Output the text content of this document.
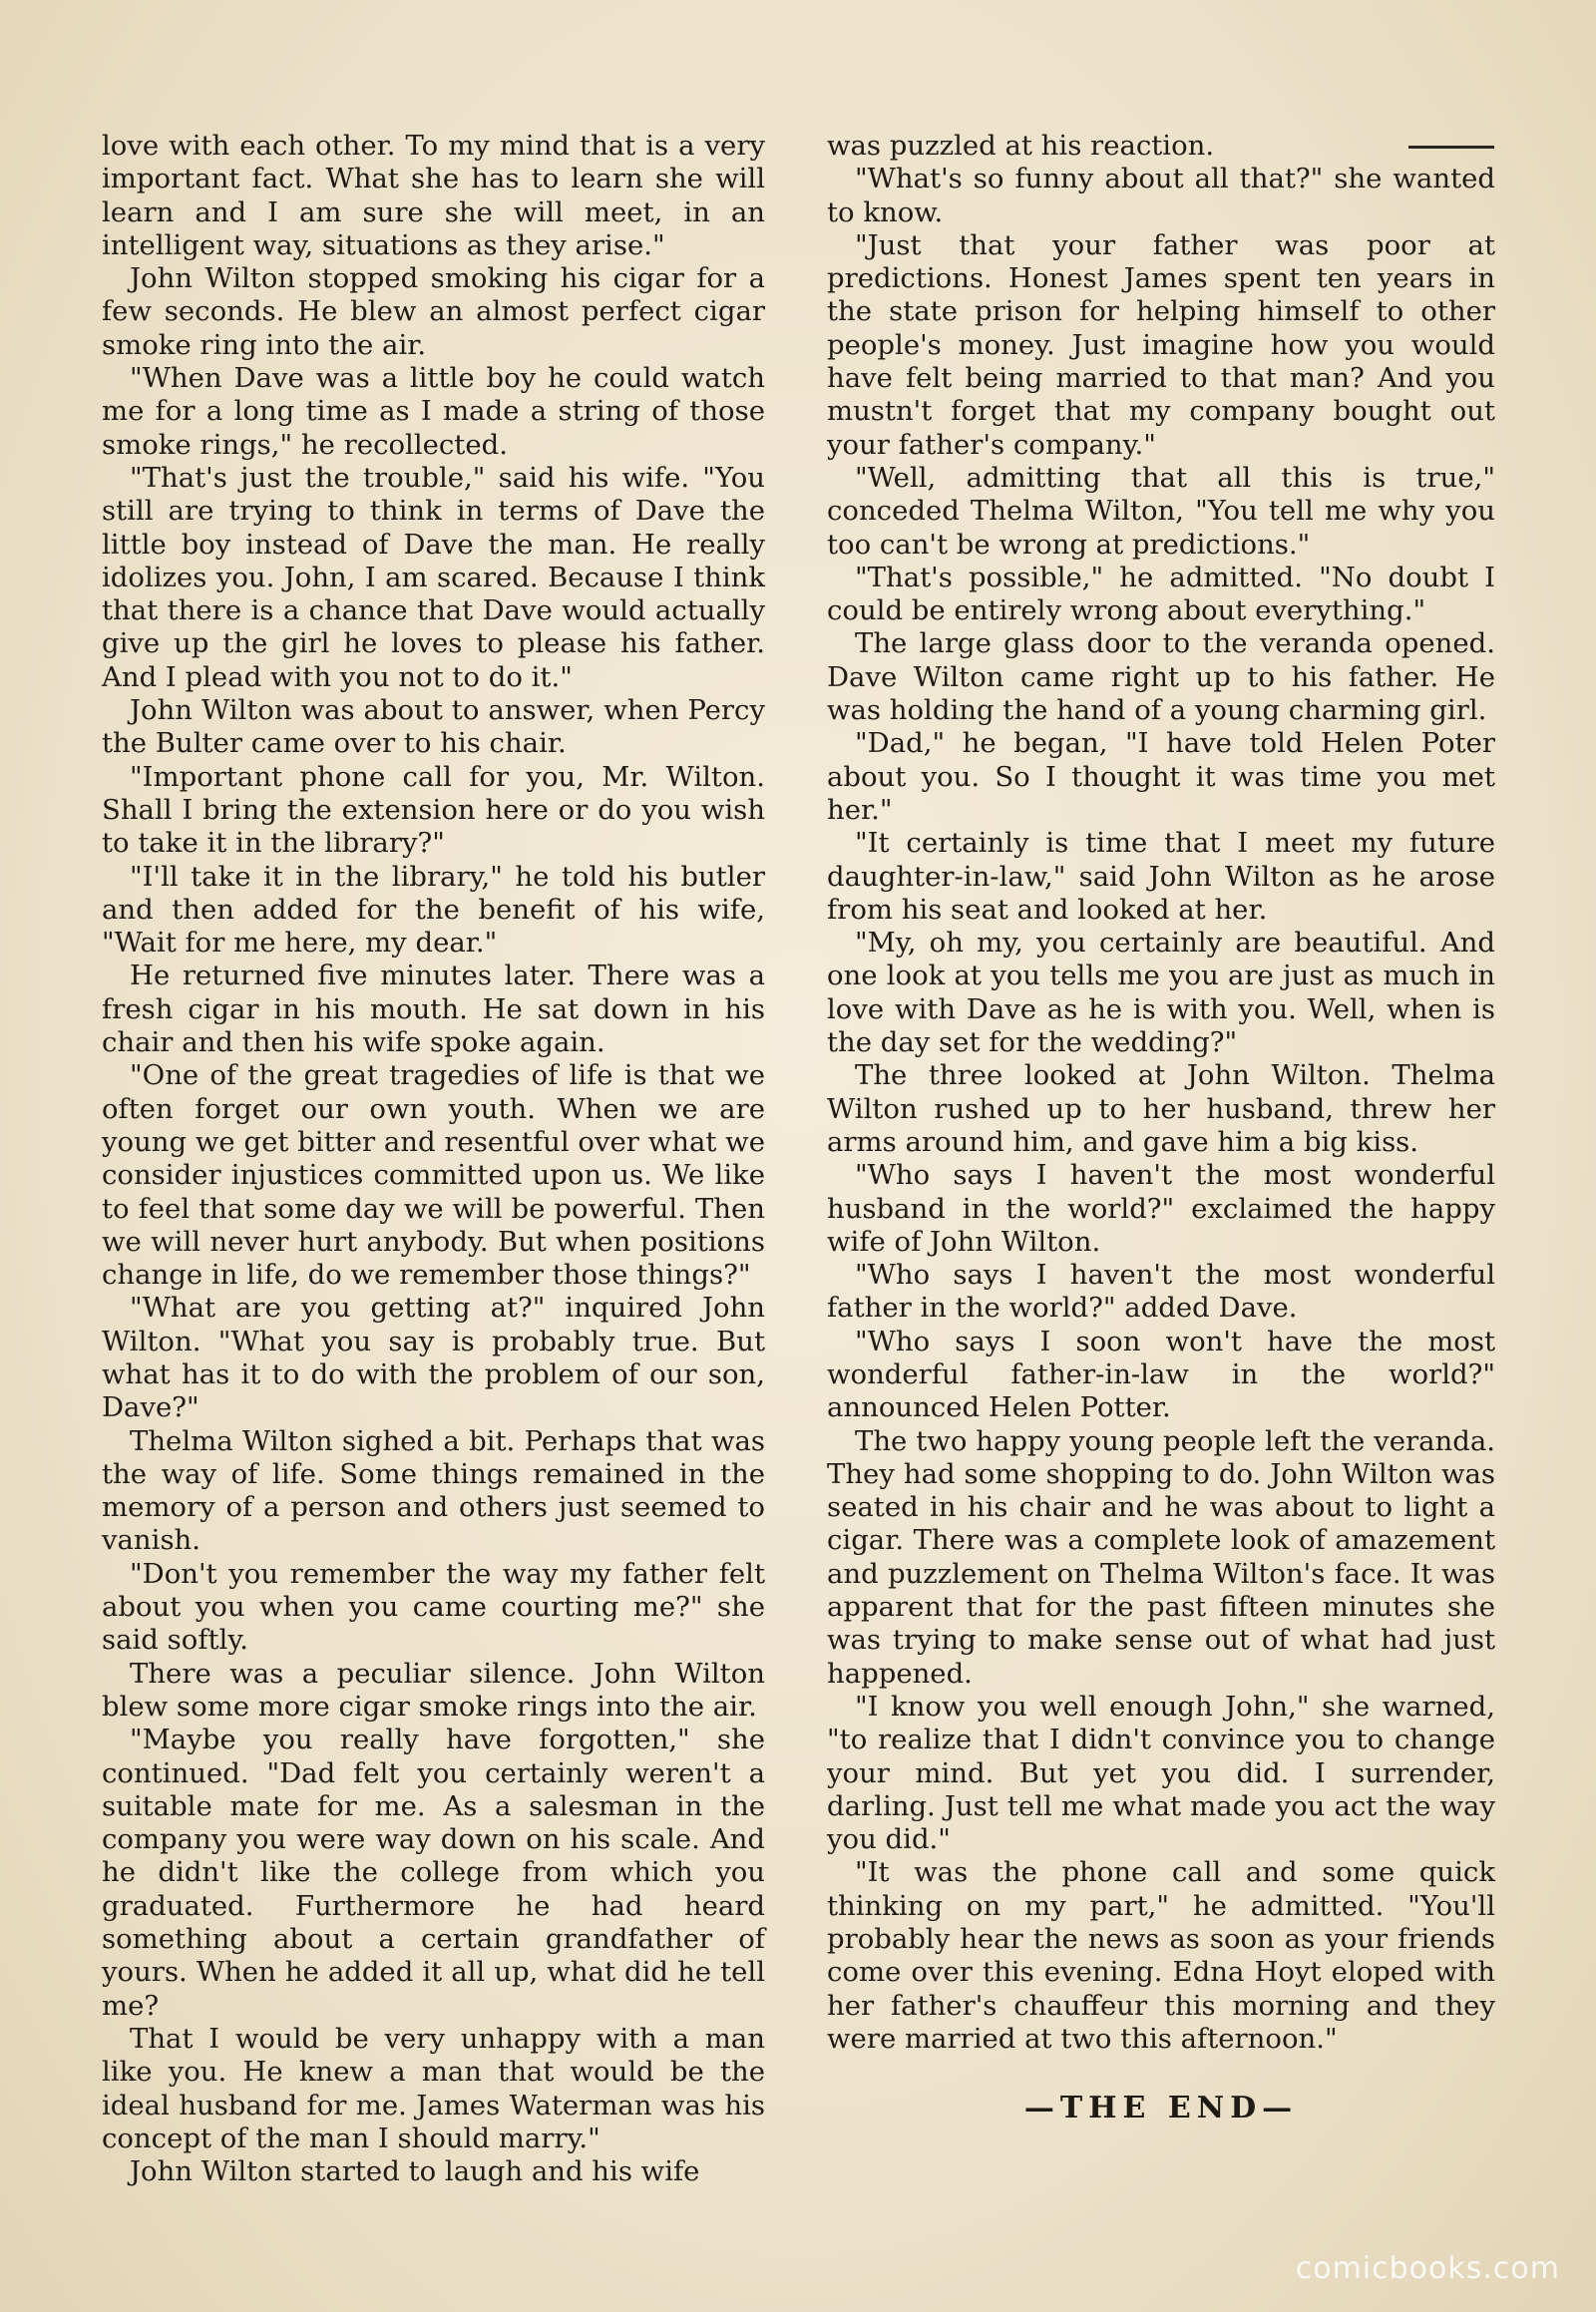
love with each other. To my mind that is a very important fact. What she has to learn she will learn and I am sure she will meet, in an intelligent way, situations as they arise."

John Wilton stopped smoking his cigar for a few seconds. He blew an almost perfect cigar smoke ring into the air.

"When Dave was a little boy he could watch me for a long time as I made a string of those smoke rings," he recollected.

"That's just the trouble," said his wife. "You still are trying to think in terms of Dave the little boy instead of Dave the man. He really idolizes you. John, I am scared. Because I think that there is a chance that Dave would actually give up the girl he loves to please his father. And I plead with you not to do it."

John Wilton was about to answer, when Percy the Bulter came over to his chair.

"Important phone call for you, Mr. Wilton. Shall I bring the extension here or do you wish to take it in the library?"

"I'll take it in the library," he told his butler and then added for the benefit of his wife, "Wait for me here, my dear."

He returned five minutes later. There was a fresh cigar in his mouth. He sat down in his chair and then his wife spoke again.

"One of the great tragedies of life is that we often forget our own youth. When we are young we get bitter and resentful over what we consider injustices committed upon us. We like to feel that some day we will be powerful. Then we will never hurt anybody. But when positions change in life, do we remember those things?"

"What are you getting at?" inquired John Wilton. "What you say is probably true. But what has it to do with the problem of our son, Dave?"

Thelma Wilton sighed a bit. Perhaps that was the way of life. Some things remained in the memory of a person and others just seemed to vanish.

"Don't you remember the way my father felt about you when you came courting me?" she said softly.

There was a peculiar silence. John Wilton blew some more cigar smoke rings into the air.

"Maybe you really have forgotten," she continued. "Dad felt you certainly weren't a suitable mate for me. As a salesman in the company you were way down on his scale. And he didn't like the college from which you graduated. Furthermore he had heard something about a certain grandfather of yours. When he added it all up, what did he tell me?

That I would be very unhappy with a man like you. He knew a man that would be the ideal husband for me. James Waterman was his concept of the man I should marry."

John Wilton started to laugh and his wife

was puzzled at his reaction.

"What's so funny about all that?" she wanted to know.

"Just that your father was poor at predictions. Honest James spent ten years in the state prison for helping himself to other people's money. Just imagine how you would have felt being married to that man? And you mustn't forget that my company bought out your father's company."

"Well, admitting that all this is true," conceded Thelma Wilton, "You tell me why you too can't be wrong at predictions."

"That's possible," he admitted. "No doubt I could be entirely wrong about everything."

The large glass door to the veranda opened. Dave Wilton came right up to his father. He was holding the hand of a young charming girl.

"Dad," he began, "I have told Helen Poter about you. So I thought it was time you met her."

"It certainly is time that I meet my future daughter-in-law," said John Wilton as he arose from his seat and looked at her.

"My, oh my, you certainly are beautiful. And one look at you tells me you are just as much in love with Dave as he is with you. Well, when is the day set for the wedding?"

The three looked at John Wilton. Thelma Wilton rushed up to her husband, threw her arms around him, and gave him a big kiss.

"Who says I haven't the most wonderful husband in the world?" exclaimed the happy wife of John Wilton.

"Who says I haven't the most wonderful father in the world?" added Dave.

"Who says I soon won't have the most wonderful father-in-law in the world?" announced Helen Potter.

The two happy young people left the veranda. They had some shopping to do. John Wilton was seated in his chair and he was about to light a cigar. There was a complete look of amazement and puzzlement on Thelma Wilton's face. It was apparent that for the past fifteen minutes she was trying to make sense out of what had just happened.

"I know you well enough John," she warned, "to realize that I didn't convince you to change your mind. But yet you did. I surrender, darling. Just tell me what made you act the way you did."

"It was the phone call and some quick thinking on my part," he admitted. "You'll probably hear the news as soon as your friends come over this evening. Edna Hoyt eloped with her father's chauffeur this morning and they were married at two this afternoon."

—THE END—
comicbooks.com
